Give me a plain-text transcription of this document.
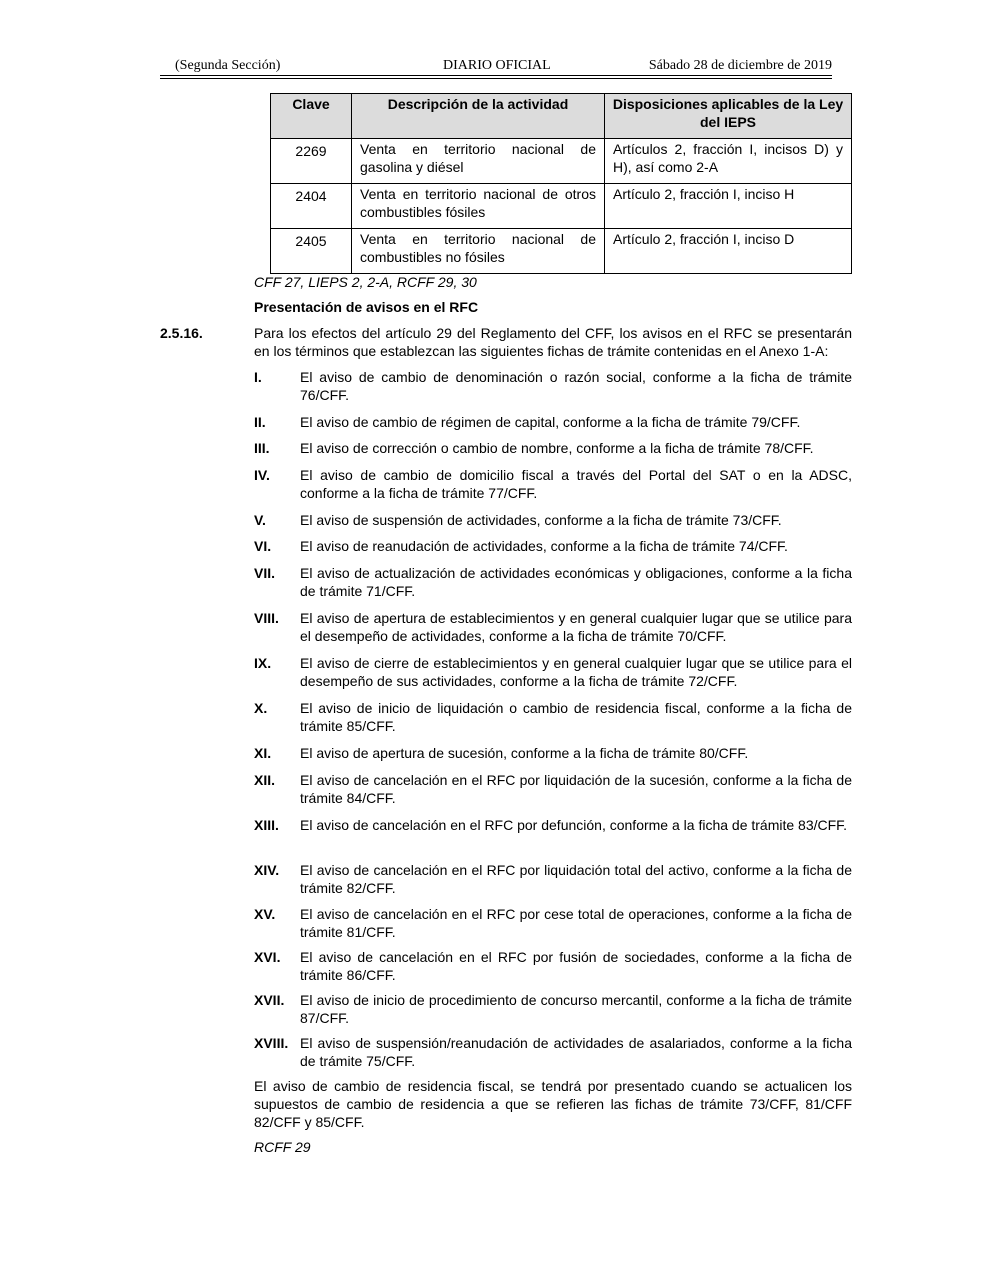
(Segunda Sección)	DIARIO OFICIAL	Sábado 28 de diciembre de 2019
Clave	Descripción de la actividad	Disposiciones aplicables de la Ley del IEPS
2269	Venta en territorio nacional de gasolina y diésel	Artículos 2, fracción I, incisos D) y H), así como 2-A
2404	Venta en territorio nacional de otros combustibles fósiles	Artículo 2, fracción I, inciso H
2405	Venta en territorio nacional de combustibles no fósiles	Artículo 2, fracción I, inciso D
CFF 27, LIEPS 2, 2-A, RCFF 29, 30
Presentación de avisos en el RFC
2.5.16.	Para los efectos del artículo 29 del Reglamento del CFF, los avisos en el RFC se presentarán en los términos que establezcan las siguientes fichas de trámite contenidas en el Anexo 1-A:
I.	El aviso de cambio de denominación o razón social, conforme a la ficha de trámite 76/CFF.
II. El aviso de cambio de régimen de capital, conforme a la ficha de trámite 79/CFF.
III. El aviso de corrección o cambio de nombre, conforme a la ficha de trámite 78/CFF.
IV. El aviso de cambio de domicilio fiscal a través del Portal del SAT o en la ADSC, conforme a la ficha de trámite 77/CFF.
V. El aviso de suspensión de actividades, conforme a la ficha de trámite 73/CFF.
VI. El aviso de reanudación de actividades, conforme a la ficha de trámite 74/CFF.
VII. El aviso de actualización de actividades económicas y obligaciones, conforme a la ficha de trámite 71/CFF.
VIII. El aviso de apertura de establecimientos y en general cualquier lugar que se utilice para el desempeño de actividades, conforme a la ficha de trámite 70/CFF.
IX. El aviso de cierre de establecimientos y en general cualquier lugar que se utilice para el desempeño de sus actividades, conforme a la ficha de trámite 72/CFF.
X. El aviso de inicio de liquidación o cambio de residencia fiscal, conforme a la ficha de trámite 85/CFF.
XI. El aviso de apertura de sucesión, conforme a la ficha de trámite 80/CFF.
XII. El aviso de cancelación en el RFC por liquidación de la sucesión, conforme a la ficha de trámite 84/CFF.
XIII. El aviso de cancelación en el RFC por defunción, conforme a la ficha de trámite 83/CFF.
XIV. El aviso de cancelación en el RFC por liquidación total del activo, conforme a la ficha de trámite 82/CFF.
XV. El aviso de cancelación en el RFC por cese total de operaciones, conforme a la ficha de trámite 81/CFF.
XVI. El aviso de cancelación en el RFC por fusión de sociedades, conforme a la ficha de trámite 86/CFF.
XVII. El aviso de inicio de procedimiento de concurso mercantil, conforme a la ficha de trámite 87/CFF.
XVIII. El aviso de suspensión/reanudación de actividades de asalariados, conforme a la ficha de trámite 75/CFF.
El aviso de cambio de residencia fiscal, se tendrá por presentado cuando se actualicen los supuestos de cambio de residencia a que se refieren las fichas de trámite 73/CFF, 81/CFF 82/CFF y 85/CFF.
RCFF 29
